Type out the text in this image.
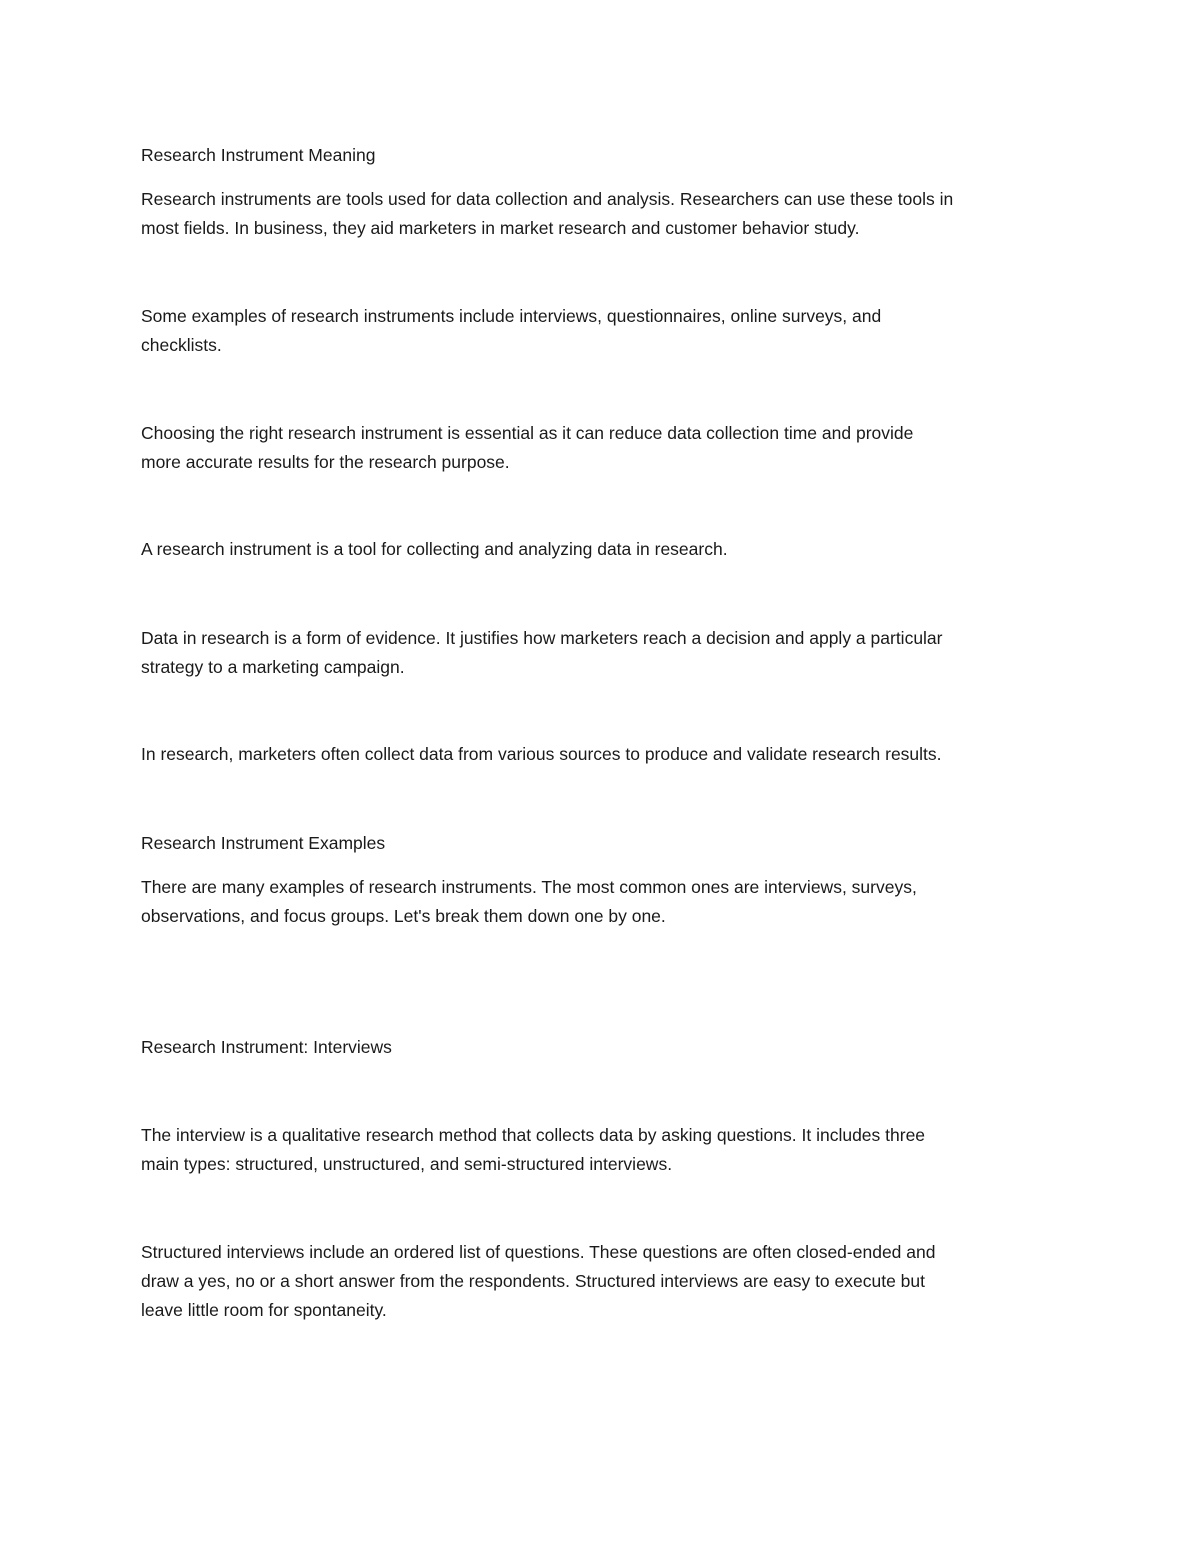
Research Instrument Meaning

Research instruments are tools used for data collection and analysis. Researchers can use these tools in

most fields. In business, they aid marketers in market research and customer behavior study.

Some examples of research instruments include interviews, questionnaires, online surveys, and

checklists.

Choosing the right research instrument is essential as it can reduce data collection time and provide

more accurate results for the research purpose.

A research instrument is a tool for collecting and analyzing data in research.

Data in research is a form of evidence. It justifies how marketers reach a decision and apply a particular

strategy to a marketing campaign.

In research, marketers often collect data from various sources to produce and validate research results.

Research Instrument Examples

There are many examples of research instruments. The most common ones are interviews, surveys,

observations, and focus groups. Let's break them down one by one.

Research Instrument: Interviews

The interview is a qualitative research method that collects data by asking questions. It includes three

main types: structured, unstructured, and semi-structured interviews.

Structured interviews include an ordered list of questions. These questions are often closed-ended and

draw a yes, no or a short answer from the respondents. Structured interviews are easy to execute but

leave little room for spontaneity.
